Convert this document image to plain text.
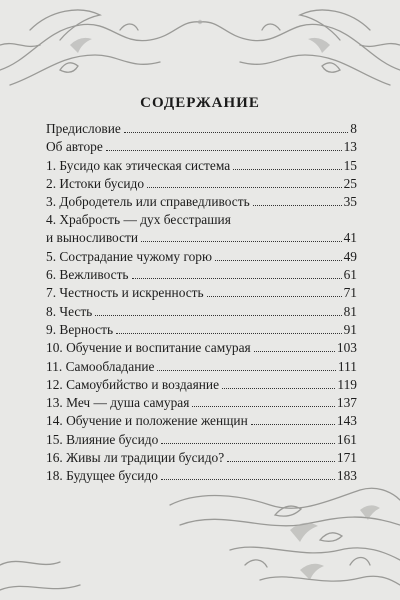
СОДЕРЖАНИЕ
Предисловие	8
Об авторе	13
1. Бусидо как этическая система	15
2. Истоки бусидо	25
3. Добродетель или справедливость	35
4. Храбрость — дух бесстрашия
и выносливости	41
5. Сострадание чужому горю	49
6. Вежливость	61
7. Честность и искренность	71
8. Честь	81
9. Верность	91
10. Обучение и воспитание самурая	103
11. Самообладание	111
12. Самоубийство и воздаяние	119
13. Меч — душа самурая	137
14. Обучение и положение женщин	143
15. Влияние бусидо	161
16. Живы ли традиции бусидо?	171
18. Будущее бусидо	183
